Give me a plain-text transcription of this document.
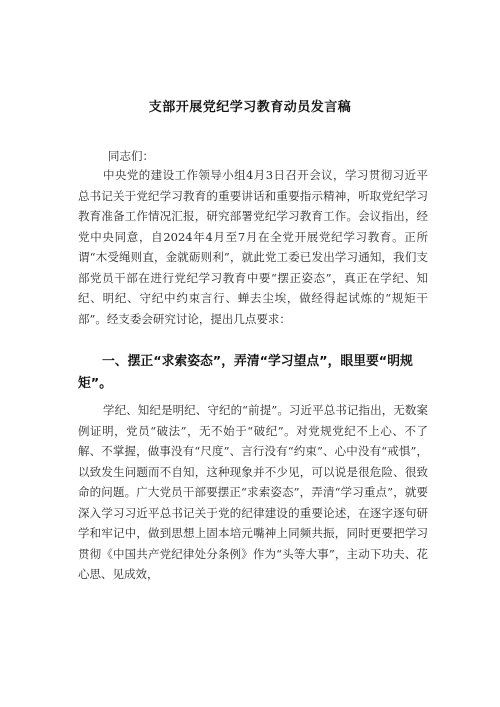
支部开展党纪学习教育动员发言稿
同志们：

中央党的建设工作领导小组4月3日召开会议，学习贯彻习近平总书记关于党纪学习教育的重要讲话和重要指示精神，听取党纪学习教育准备工作情况汇报，研究部署党纪学习教育工作。会议指出，经党中央同意，自2024年4月至7月在全党开展党纪学习教育。正所谓“木受绳则直，金就砺则利”，就此党工委已发出学习通知，我们支部党员干部在进行党纪学习教育中要“摆正姿态”，真正在学纪、知纪、明纪、守纪中约束言行、蝉去尘埃，做经得起试炼的“规矩干部”。经支委会研究讨论，提出几点要求：

一、摆正“求索姿态”，弄清“学习望点”，眼里要“明规矩”。

学纪、知纪是明纪、守纪的“前提”。习近平总书记指出，无数案例证明，党员“破法”，无不始于“破纪”。对党规党纪不上心、不了解、不掌握，做事没有“尺度”、言行没有“约束”、心中没有“戒惧”，以致发生问题而不自知，这种现象并不少见，可以说是很危险、很致命的问题。广大党员干部要摆正“求索姿态”，弄清“学习重点”，就要深入学习习近平总书记关于党的纪律建设的重要论述，在逐字逐句研学和牢记中，做到思想上固本培元嘴神上同频共振，同时更要把学习贯彻《中国共产党纪律处分条例》作为“头等大事”，主动下功夫、花心思、见成效，
